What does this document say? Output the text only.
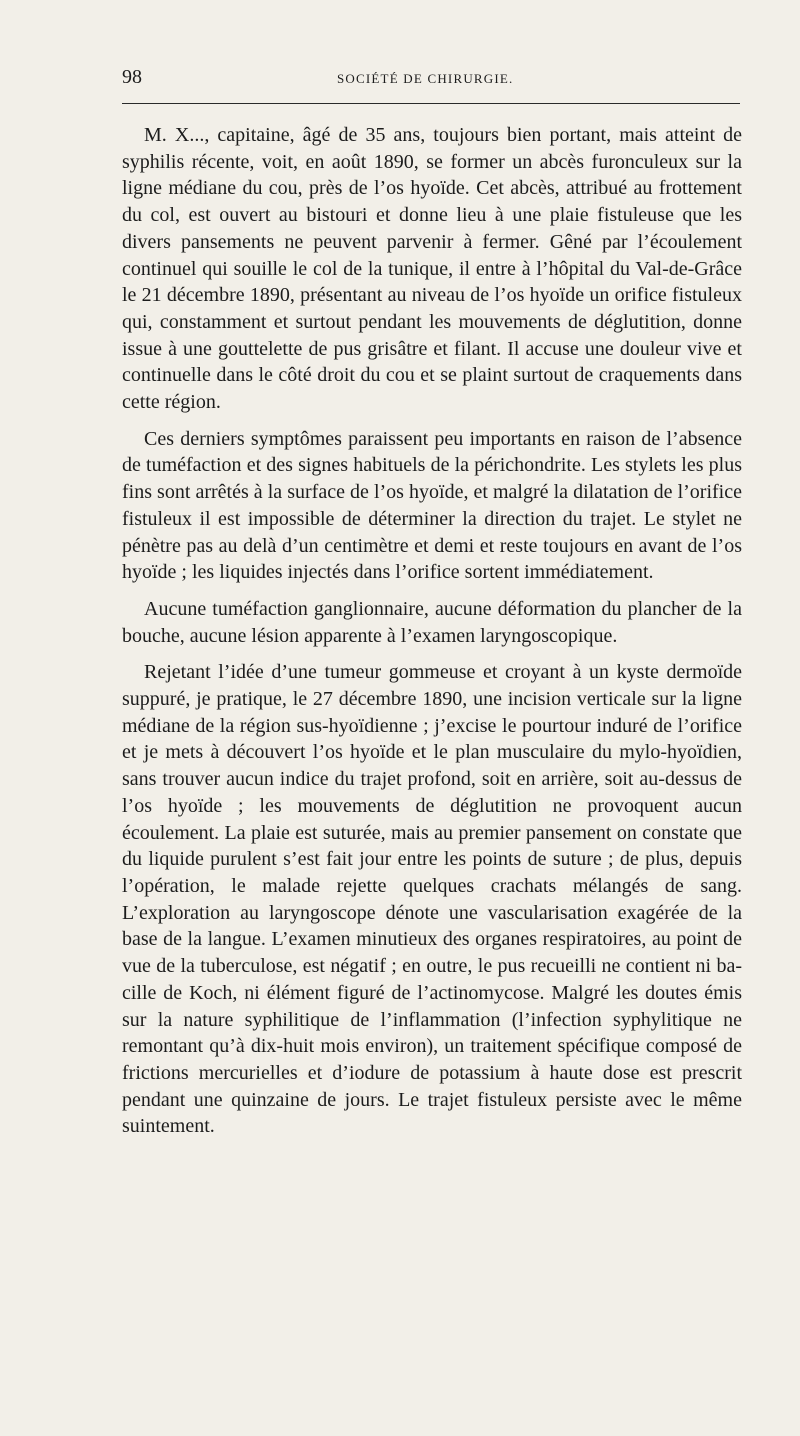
98	SOCIÉTÉ DE CHIRURGIE.

M. X..., capitaine, âgé de 35 ans, toujours bien portant, mais atteint de syphilis récente, voit, en août 1890, se former un abcès furonculeux sur la ligne médiane du cou, près de l’os hyoïde. Cet abcès, attribué au frottement du col, est ouvert au bistouri et donne lieu à une plaie fistuleuse que les divers pansements ne peuvent parvenir à fermer. Gêné par l’écoulement continuel qui souille le col de la tunique, il entre à l’hôpital du Val-de-Grâce le 21 décembre 1890, présentant au niveau de l’os hyoïde un orifice fistuleux qui, constamment et surtout pendant les mouvements de déglutition, donne issue à une gouttelette de pus grisâtre et filant. Il accuse une douleur vive et continuelle dans le côté droit du cou et se plaint surtout de craquements dans cette région.

Ces derniers symptômes paraissent peu importants en raison de l’absence de tuméfaction et des signes habituels de la périchondrite. Les stylets les plus fins sont arrêtés à la surface de l’os hyoïde, et malgré la dilatation de l’orifice fistuleux il est impossible de déterminer la direction du trajet. Le stylet ne pénètre pas au delà d’un centimètre et demi et reste toujours en avant de l’os hyoïde ; les liquides injectés dans l’orifice sortent immédiatement.

Aucune tuméfaction ganglionnaire, aucune déformation du plancher de la bouche, aucune lésion apparente à l’examen laryngoscopique.

Rejetant l’idée d’une tumeur gommeuse et croyant à un kyste dermoïde suppuré, je pratique, le 27 décembre 1890, une incision verticale sur la ligne médiane de la région sus-hyoïdienne ; j’excise le pourtour induré de l’orifice et je mets à découvert l’os hyoïde et le plan musculaire du mylo-hyoïdien, sans trouver aucun indice du trajet profond, soit en arrière, soit au-dessus de l’os hyoïde ; les mouvements de déglutition ne provoquent aucun écoulement. La plaie est suturée, mais au premier pansement on constate que du liquide purulent s’est fait jour entre les points de suture ; de plus, depuis l’opération, le malade rejette quelques crachats mélangés de sang. L’exploration au laryngoscope dénote une vascularisation exagérée de la base de la langue. L’examen minutieux des organes respiratoires, au point de vue de la tuberculose, est négatif ; en outre, le pus recueilli ne contient ni bacille de Koch, ni élément figuré de l’actinomycose. Malgré les doutes émis sur la nature syphilitique de l’inflammation (l’infection syphylitique ne remontant qu’à dix-huit mois environ), un traitement spécifique composé de frictions mercurielles et d’iodure de potassium à haute dose est prescrit pendant une quinzaine de jours. Le trajet fistuleux persiste avec le même suintement.
